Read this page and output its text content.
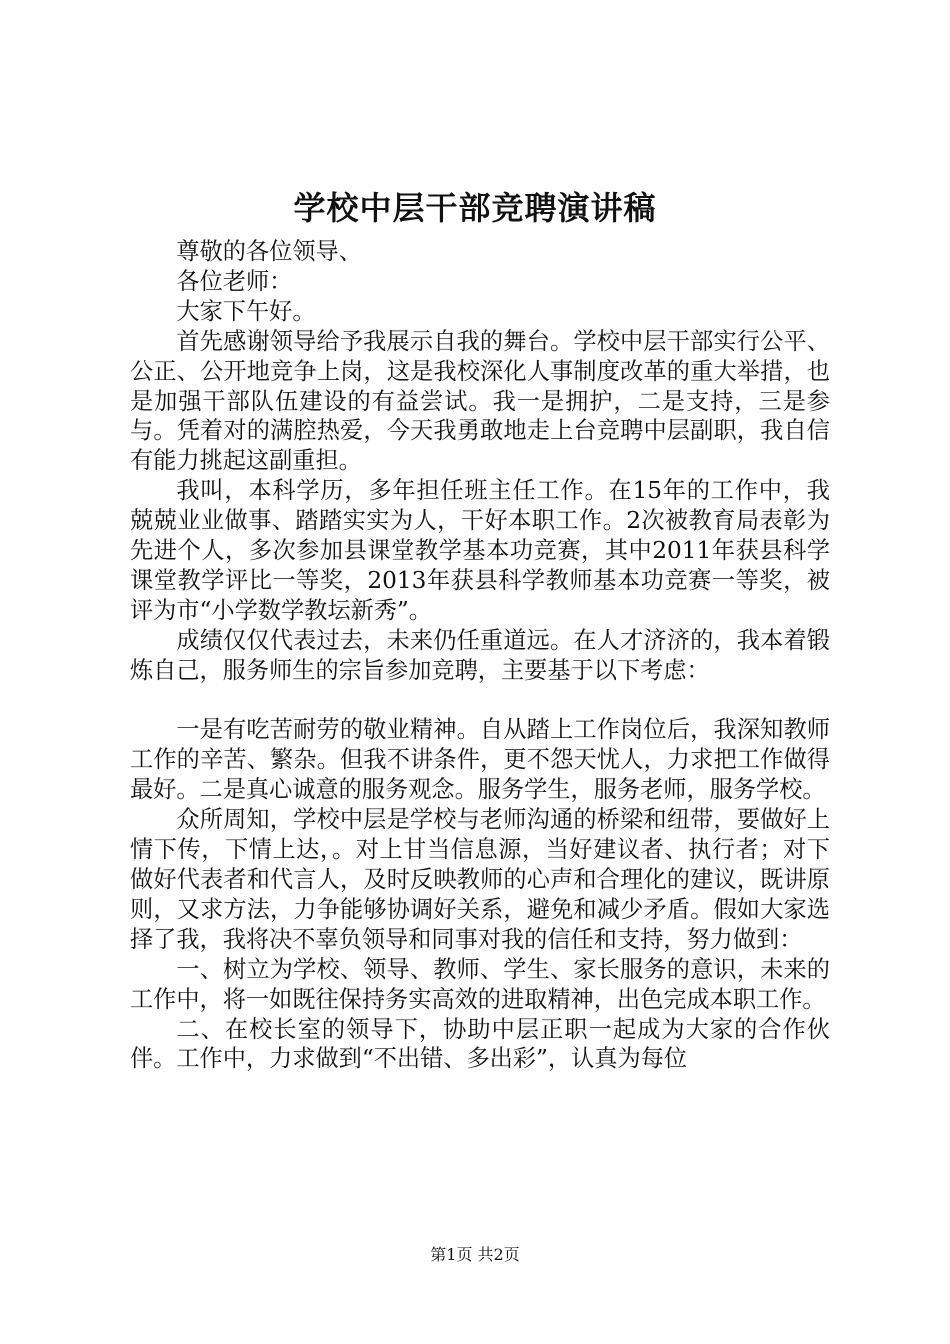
学校中层干部竞聘演讲稿

尊敬的各位领导、

各位老师：

大家下午好。

首先感谢领导给予我展示自我的舞台。学校中层干部实行公平、公正、公开地竞争上岗，这是我校深化人事制度改革的重大举措，也是加强干部队伍建设的有益尝试。我一是拥护，二是支持，三是参与。凭着对的满腔热爱，今天我勇敢地走上台竞聘中层副职，我自信有能力挑起这副重担。

我叫，本科学历，多年担任班主任工作。在15年的工作中，我兢兢业业做事、踏踏实实为人，干好本职工作。2次被教育局表彰为先进个人，多次参加县课堂教学基本功竞赛，其中2011年获县科学课堂教学评比一等奖，2013年获县科学教师基本功竞赛一等奖，被评为市“小学数学教坛新秀”。

成绩仅仅代表过去，未来仍任重道远。在人才济济的，我本着锻炼自己，服务师生的宗旨参加竞聘，主要基于以下考虑：

一是有吃苦耐劳的敬业精神。自从踏上工作岗位后，我深知教师工作的辛苦、繁杂。但我不讲条件，更不怨天忧人，力求把工作做得最好。二是真心诚意的服务观念。服务学生，服务老师，服务学校。

众所周知，学校中层是学校与老师沟通的桥梁和纽带，要做好上情下传，下情上达，。对上甘当信息源，当好建议者、执行者；对下做好代表者和代言人，及时反映教师的心声和合理化的建议，既讲原则，又求方法，力争能够协调好关系，避免和减少矛盾。假如大家选择了我，我将决不辜负领导和同事对我的信任和支持，努力做到：

一、树立为学校、领导、教师、学生、家长服务的意识，未来的工作中，将一如既往保持务实高效的进取精神，出色完成本职工作。

二、在校长室的领导下，协助中层正职一起成为大家的合作伙伴。工作中，力求做到“不出错、多出彩”，认真为每位

第1页 共2页
